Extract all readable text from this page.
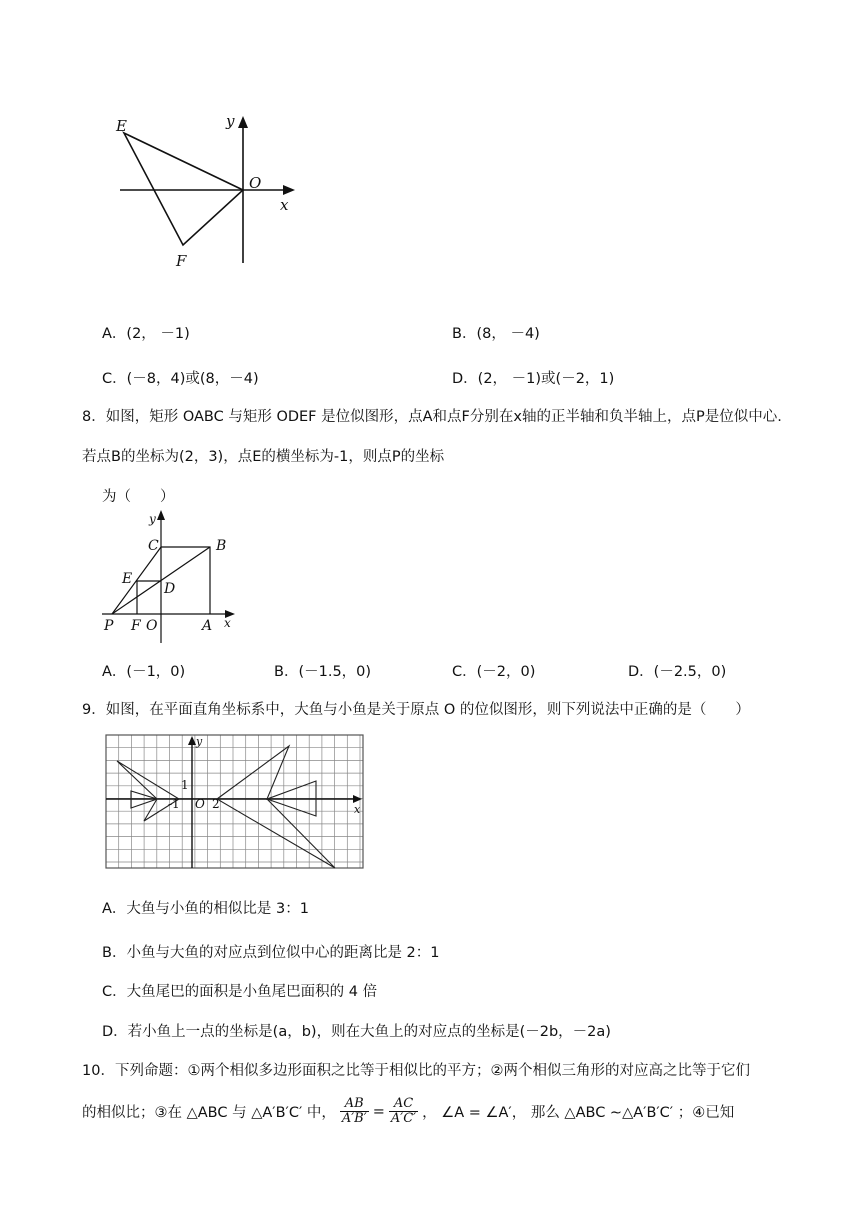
E
F
O
x
y
A．(2， －1)	B．(8， －4)
C．(－8，4)或(8，－4)	D．(2， －1)或(－2，1)
8．如图，矩形 OABC 与矩形 ODEF 是位似图形，点A和点F分别在x轴的正半轴和负半轴上，点P是位似中心.
若点B的坐标为(2，3)，点E的横坐标为-1，则点P的坐标
为（　　）
B
C
D
E
P F O	A x
y
A．(－1，0)	B．(－1.5，0)	C．(－2，0)	D．(－2.5，0)
9．如图，在平面直角坐标系中，大鱼与小鱼是关于原点 O 的位似图形，则下列说法中正确的是（　　）
1
-1 O 2	x
y
A．大鱼与小鱼的相似比是 3：1
B．小鱼与大鱼的对应点到位似中心的距离比是 2：1
C．大鱼尾巴的面积是小鱼尾巴面积的 4 倍
D．若小鱼上一点的坐标是(a，b)，则在大鱼上的对应点的坐标是(－2b，－2a)
10．下列命题：①两个相似多边形面积之比等于相似比的平方；②两个相似三角形的对应高之比等于它们
的相似比；③在 △ABC 与 △A′B′C′ 中， $\frac{AB}{A'B'} = \frac{AC}{A'C'}$ ， ∠A = ∠A′， 那么 △ABC ∼△A′B′C′ ；④已知
